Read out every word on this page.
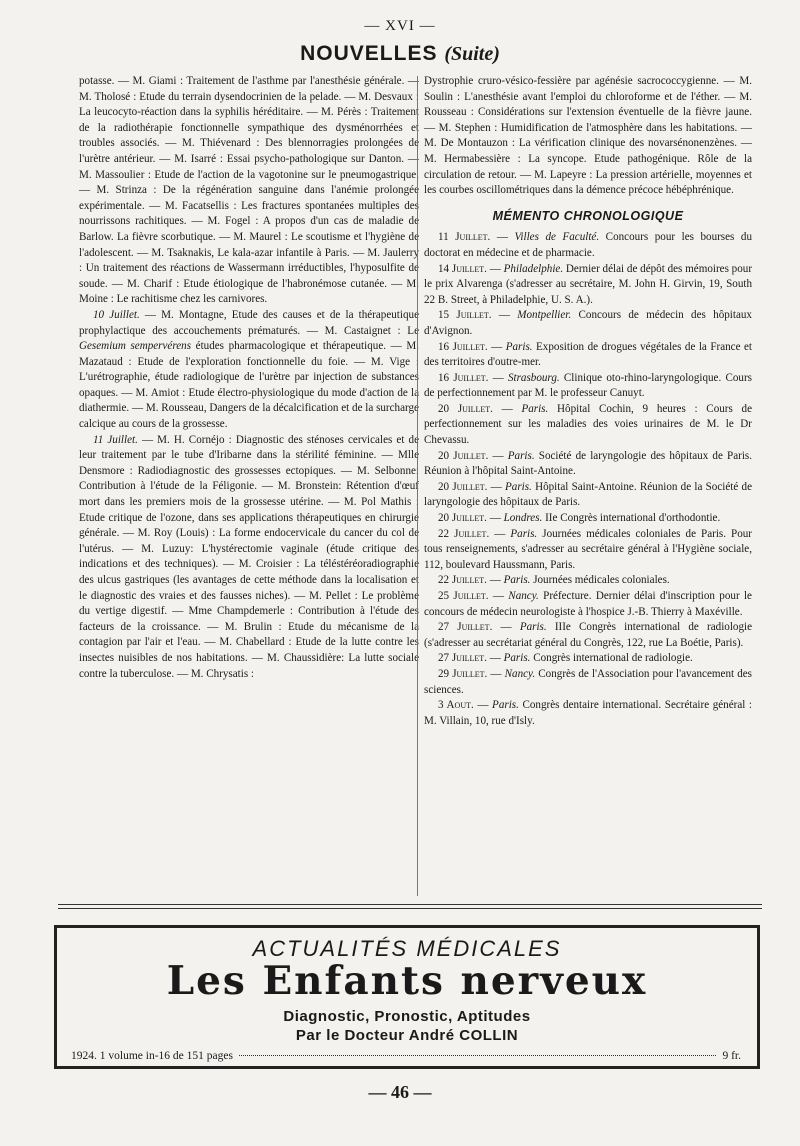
— XVI —
NOUVELLES (Suite)

potasse. — M. Giami : Traitement de l'asthme par l'anesthésie générale. — M. Tholosé : Etude du terrain dysendocrinien de la pelade. — M. Desvaux : La leucocyto-réaction dans la syphilis héréditaire. — M. Pérès : Traitement de la radiothérapie fonctionnelle sympathique des dysménorrhées et troubles associés. — M. Thiévenard : Des blennorragies prolongées de l'urètre antérieur. — M. Isarré : Essai psycho-pathologique sur Danton. — M. Massoulier : Etude de l'action de la vagotonine sur le pneumogastrique. — M. Strinza : De la régénération sanguine dans l'anémie prolongée expérimentale. — M. Facatsellis : Les fractures spontanées multiples des nourrissons rachitiques. — M. Fogel : A propos d'un cas de maladie de Barlow. La fièvre scorbutique. — M. Maurel : Le scoutisme et l'hygiène de l'adolescent. — M. Tsaknakis, Le kala-azar infantile à Paris. — M. Jaulerry : Un traitement des réactions de Wassermann irréductibles, l'hyposulfite de soude. — M. Charif : Etude étiologique de l'habronémose cutanée. — M. Moine : Le rachitisme chez les carnivores.

10 Juillet. — M. Montagne, Etude des causes et de la thérapeutique prophylactique des accouchements prématurés. — M. Castaignet : Le Gesemium sempervérens études pharmacologique et thérapeutique. — M. Mazataud : Etude de l'exploration fonctionnelle du foie. — M. Vige : L'urétrographie, étude radiologique de l'urètre par injection de substances opaques. — M. Amiot : Etude électro-physiologique du mode d'action de la diathermie. — M. Rousseau, Dangers de la décalcification et de la surcharge calcique au cours de la grossesse.

11 Juillet. — M. H. Cornéjo : Diagnostic des sténoses cervicales et de leur traitement par le tube d'Iribarne dans la stérilité féminine. — Mlle Densmore : Radiodiagnostic des grossesses ectopiques. — M. Selbonne: Contribution à l'étude de la Féligonie. — M. Bronstein: Rétention d'œuf mort dans les premiers mois de la grossesse utérine. — M. Pol Mathis : Etude critique de l'ozone, dans ses applications thérapeutiques en chirurgie générale. — M. Roy (Louis) : La forme endocervicale du cancer du col de l'utérus. — M. Luzuy: L'hystérectomie vaginale (étude critique des indications et des techniques). — M. Croisier : La téléstéréoradiographie des ulcus gastriques (les avantages de cette méthode dans la localisation et le diagnostic des vraies et des fausses niches). — M. Pellet : Le problème du vertige digestif. — Mme Champdemerle : Contribution à l'étude des facteurs de la croissance. — M. Brulin : Etude du mécanisme de la contagion par l'air et l'eau. — M. Chabellard : Etude de la lutte contre les insectes nuisibles de nos habitations. — M. Chaussidière: La lutte sociale contre la tuberculose. — M. Chrysatis :

Dystrophie cruro-vésico-fessière par agénésie sacrococcygienne. — M. Soulin : L'anesthésie avant l'emploi du chloroforme et de l'éther. — M. Rousseau : Considérations sur l'extension éventuelle de la fièvre jaune. — M. Stephen : Humidification de l'atmosphère dans les habitations. — M. De Montauzon : La vérification clinique des novarsénonenzènes. — M. Hermabessière : La syncope. Etude pathogénique. Rôle de la circulation de retour. — M. Lapeyre : La pression artérielle, moyennes et les courbes oscillométriques dans la démence précoce hébéphrénique.

MÉMENTO CHRONOLOGIQUE

11 Juillet. — Villes de Faculté. Concours pour les bourses du doctorat en médecine et de pharmacie.

14 Juillet. — Philadelphie. Dernier délai de dépôt des mémoires pour le prix Alvarenga (s'adresser au secrétaire, M. John H. Girvin, 19, South 22 B. Street, à Philadelphie, U. S. A.).

15 Juillet. — Montpellier. Concours de médecin des hôpitaux d'Avignon.

16 Juillet. — Paris. Exposition de drogues végétales de la France et des territoires d'outre-mer.

16 Juillet. — Strasbourg. Clinique oto-rhino-laryngologique. Cours de perfectionnement par M. le professeur Canuyt.

20 Juillet. — Paris. Hôpital Cochin, 9 heures : Cours de perfectionnement sur les maladies des voies urinaires de M. le Dr Chevassu.

20 Juillet. — Paris. Société de laryngologie des hôpitaux de Paris. Réunion à l'hôpital Saint-Antoine.

20 Juillet. — Paris. Hôpital Saint-Antoine. Réunion de la Société de laryngologie des hôpitaux de Paris.

20 Juillet. — Londres. IIe Congrès international d'orthodontie.

22 Juillet. — Paris. Journées médicales coloniales de Paris. Pour tous renseignements, s'adresser au secrétaire général à l'Hygiène sociale, 112, boulevard Haussmann, Paris.

22 Juillet. — Paris. Journées médicales coloniales.

25 Juillet. — Nancy. Préfecture. Dernier délai d'inscription pour le concours de médecin neurologiste à l'hospice J.-B. Thierry à Maxéville.

27 Juillet. — Paris. IIIe Congrès international de radiologie (s'adresser au secrétariat général du Congrès, 122, rue La Boétie, Paris).

27 Juillet. — Paris. Congrès international de radiologie.

29 Juillet. — Nancy. Congrès de l'Association pour l'avancement des sciences.

3 Aout. — Paris. Congrès dentaire international. Secrétaire général : M. Villain, 10, rue d'Isly.

ACTUALITÉS MÉDICALES
Les Enfants nerveux
Diagnostic, Pronostic, Aptitudes
Par le Docteur André COLLIN
1924. 1 volume in-16 de 151 pages	9 fr.
— 46 —
